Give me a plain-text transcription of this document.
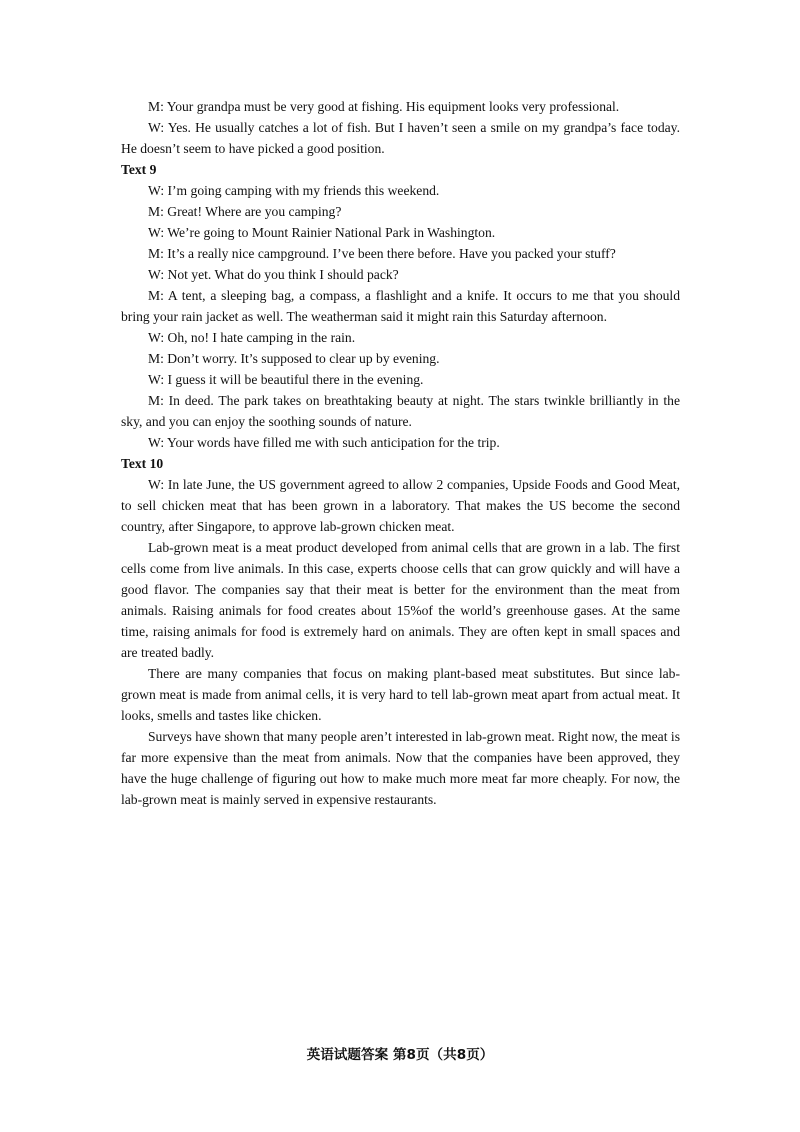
M: Your grandpa must be very good at fishing. His equipment looks very professional.

W: Yes. He usually catches a lot of fish. But I haven’t seen a smile on my grandpa’s face today. He doesn’t seem to have picked a good position.

Text 9

W: I’m going camping with my friends this weekend.

M: Great! Where are you camping?

W: We’re going to Mount Rainier National Park in Washington.

M: It’s a really nice campground. I’ve been there before. Have you packed your stuff?

W: Not yet. What do you think I should pack?

M: A tent, a sleeping bag, a compass, a flashlight and a knife. It occurs to me that you should bring your rain jacket as well. The weatherman said it might rain this Saturday afternoon.

W: Oh, no! I hate camping in the rain.

M: Don’t worry. It’s supposed to clear up by evening.

W: I guess it will be beautiful there in the evening.

M: In deed. The park takes on breathtaking beauty at night. The stars twinkle brilliantly in the sky, and you can enjoy the soothing sounds of nature.

W: Your words have filled me with such anticipation for the trip.

Text 10

W: In late June, the US government agreed to allow 2 companies, Upside Foods and Good Meat, to sell chicken meat that has been grown in a laboratory. That makes the US become the second country, after Singapore, to approve lab-grown chicken meat.

Lab-grown meat is a meat product developed from animal cells that are grown in a lab. The first cells come from live animals. In this case, experts choose cells that can grow quickly and will have a good flavor. The companies say that their meat is better for the environment than the meat from animals. Raising animals for food creates about 15%of the world’s greenhouse gases. At the same time, raising animals for food is extremely hard on animals. They are often kept in small spaces and are treated badly.

There are many companies that focus on making plant-based meat substitutes. But since lab-grown meat is made from animal cells, it is very hard to tell lab-grown meat apart from actual meat. It looks, smells and tastes like chicken.

Surveys have shown that many people aren’t interested in lab-grown meat. Right now, the meat is far more expensive than the meat from animals. Now that the companies have been approved, they have the huge challenge of figuring out how to make much more meat far more cheaply. For now, the lab-grown meat is mainly served in expensive restaurants.

英语试题答案 第8页（共8页）
